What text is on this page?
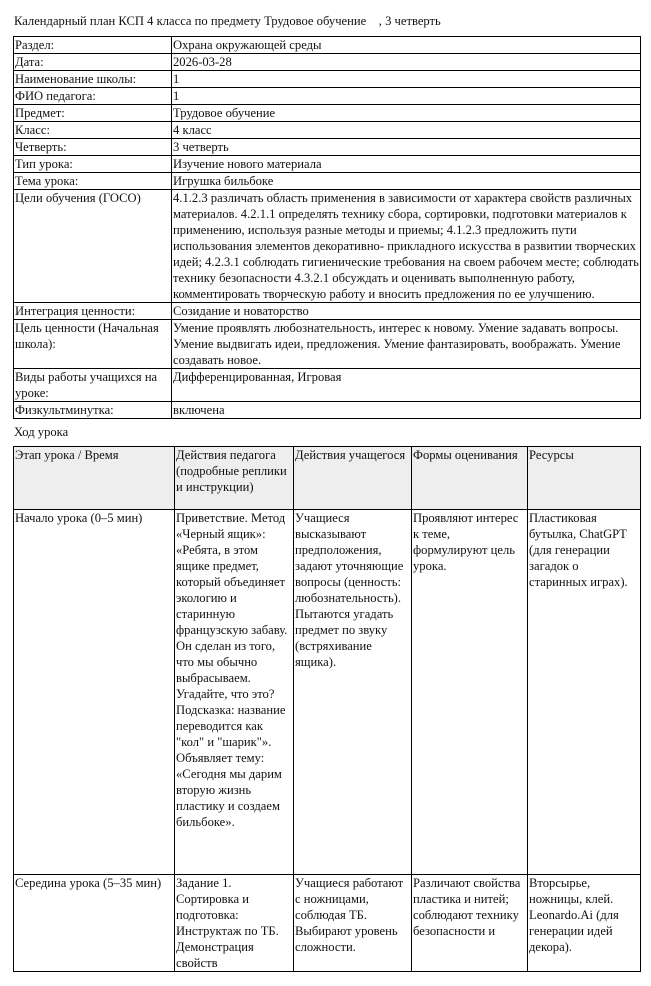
Календарный план КСП 4 класса по предмету Трудовое обучение    , 3 четверть
Раздел:	Охрана окружающей среды
Дата:	2026-03-28
Наименование школы:	1
ФИО педагога:	1
Предмет:	Трудовое обучение
Класс:	4 класс
Четверть:	3 четверть
Тип урока:	Изучение нового материала
Тема урока:	Игрушка бильбоке
Цели обучения (ГОСО)	4.1.2.3 различать область применения в зависимости от характера свойств различных материалов. 4.2.1.1 определять технику сбора, сортировки, подготовки материалов к применению, используя разные методы и приемы; 4.1.2.3 предложить пути использования элементов декоративно- прикладного искусства в развитии творческих идей; 4.2.3.1 соблюдать гигиенические требования на своем рабочем месте; соблюдать технику безопасности 4.3.2.1 обсуждать и оценивать выполненную работу, комментировать творческую работу и вносить предложения по ее улучшению.
Интеграция ценности:	Созидание и новаторство
Цель ценности (Начальная школа):	Умение проявлять любознательность, интерес к новому. Умение задавать вопросы. Умение выдвигать идеи, предложения. Умение фантазировать, воображать. Умение создавать новое.
Виды работы учащихся на уроке:	Дифференцированная, Игровая
Физкультминутка:	включена
Ход урока
Этап урока / Время	Действия педагога (подробные реплики и инструкции)	Действия учащегося	Формы оценивания	Ресурсы
Начало урока (0–5 мин)	Приветствие. Метод «Черный ящик»: «Ребята, в этом ящике предмет, который объединяет экологию и старинную французскую забаву. Он сделан из того, что мы обычно выбрасываем. Угадайте, что это? Подсказка: название переводится как "кол" и "шарик"». Объявляет тему: «Сегодня мы дарим вторую жизнь пластику и создаем бильбоке».	Учащиеся высказывают предположения, задают уточняющие вопросы (ценность: любознательность). Пытаются угадать предмет по звуку (встряхивание ящика).	Проявляют интерес к теме, формулируют цель урока.	Пластиковая бутылка, ChatGPT (для генерации загадок о старинных играх).
Середина урока (5–35 мин)	Задание 1. Сортировка и подготовка: Инструктаж по ТБ. Демонстрация свойств	Учащиеся работают с ножницами, соблюдая ТБ. Выбирают уровень сложности.	Различают свойства пластика и нитей; соблюдают технику безопасности и	Вторсырье, ножницы, клей. Leonardo.Ai (для генерации идей декора).
